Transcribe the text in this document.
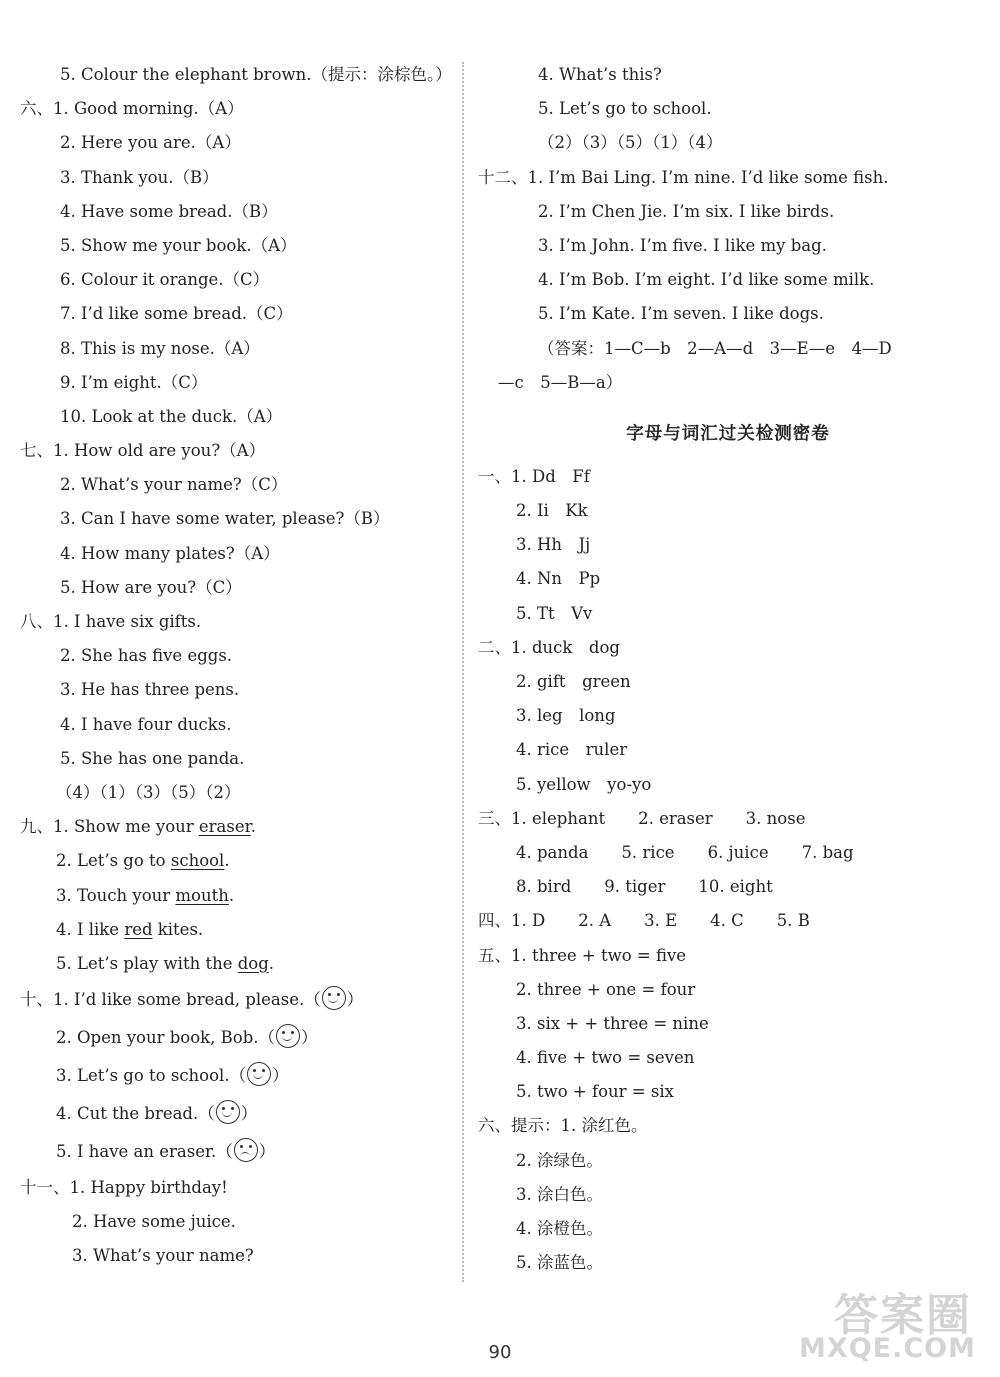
5. Colour the elephant brown.（提示：涂棕色。）
六、1. Good morning.（A）
2. Here you are.（A）
3. Thank you.（B）
4. Have some bread.（B）
5. Show me your book.（A）
6. Colour it orange.（C）
7. I’d like some bread.（C）
8. This is my nose.（A）
9. I’m eight.（C）
10. Look at the duck.（A）
七、1. How old are you?（A）
2. What’s your name?（C）
3. Can I have some water, please?（B）
4. How many plates?（A）
5. How are you?（C）
八、1. I have six gifts.
2. She has five eggs.
3. He has three pens.
4. I have four ducks.
5. She has one panda.
（4）（1）（3）（5）（2）
九、1. Show me your eraser.
2. Let’s go to school.
3. Touch your mouth.
4. I like red kites.
5. Let’s play with the dog.
十、1. I’d like some bread, please.（ ）
2. Open your book, Bob.（ ）
3. Let’s go to school.（ ）
4. Cut the bread.（ ）
5. I have an eraser.（ ）
十一、1. Happy birthday!
2. Have some juice.
3. What’s your name?
4. What’s this?
5. Let’s go to school.
（2）（3）（5）（1）（4）
十二、1. I’m Bai Ling. I’m nine. I’d like some fish.
2. I’m Chen Jie. I’m six. I like birds.
3. I’m John. I’m five. I like my bag.
4. I’m Bob. I’m eight. I’d like some milk.
5. I’m Kate. I’m seven. I like dogs.
（答案：1—C—b　2—A—d　3—E—e　4—D
—c　5—B—a）
字母与词汇过关检测密卷
一、1. Dd　Ff
2. Ii　Kk
3. Hh　Jj
4. Nn　Pp
5. Tt　Vv
二、1. duck　dog
2. gift　green
3. leg　long
4. rice　ruler
5. yellow　yo-yo
三、1. elephant　　2. eraser　　3. nose
4. panda　　5. rice　　6. juice　　7. bag
8. bird　　9. tiger　　10. eight
四、1. D　　2. A　　3. E　　4. C　　5. B
五、1. three + two = five
2. three + one = four
3. six + + three = nine
4. five + two = seven
5. two + four = six
六、提示：1. 涂红色。
2. 涂绿色。
3. 涂白色。
4. 涂橙色。
5. 涂蓝色。
90
答案圈
MXQE.COM
